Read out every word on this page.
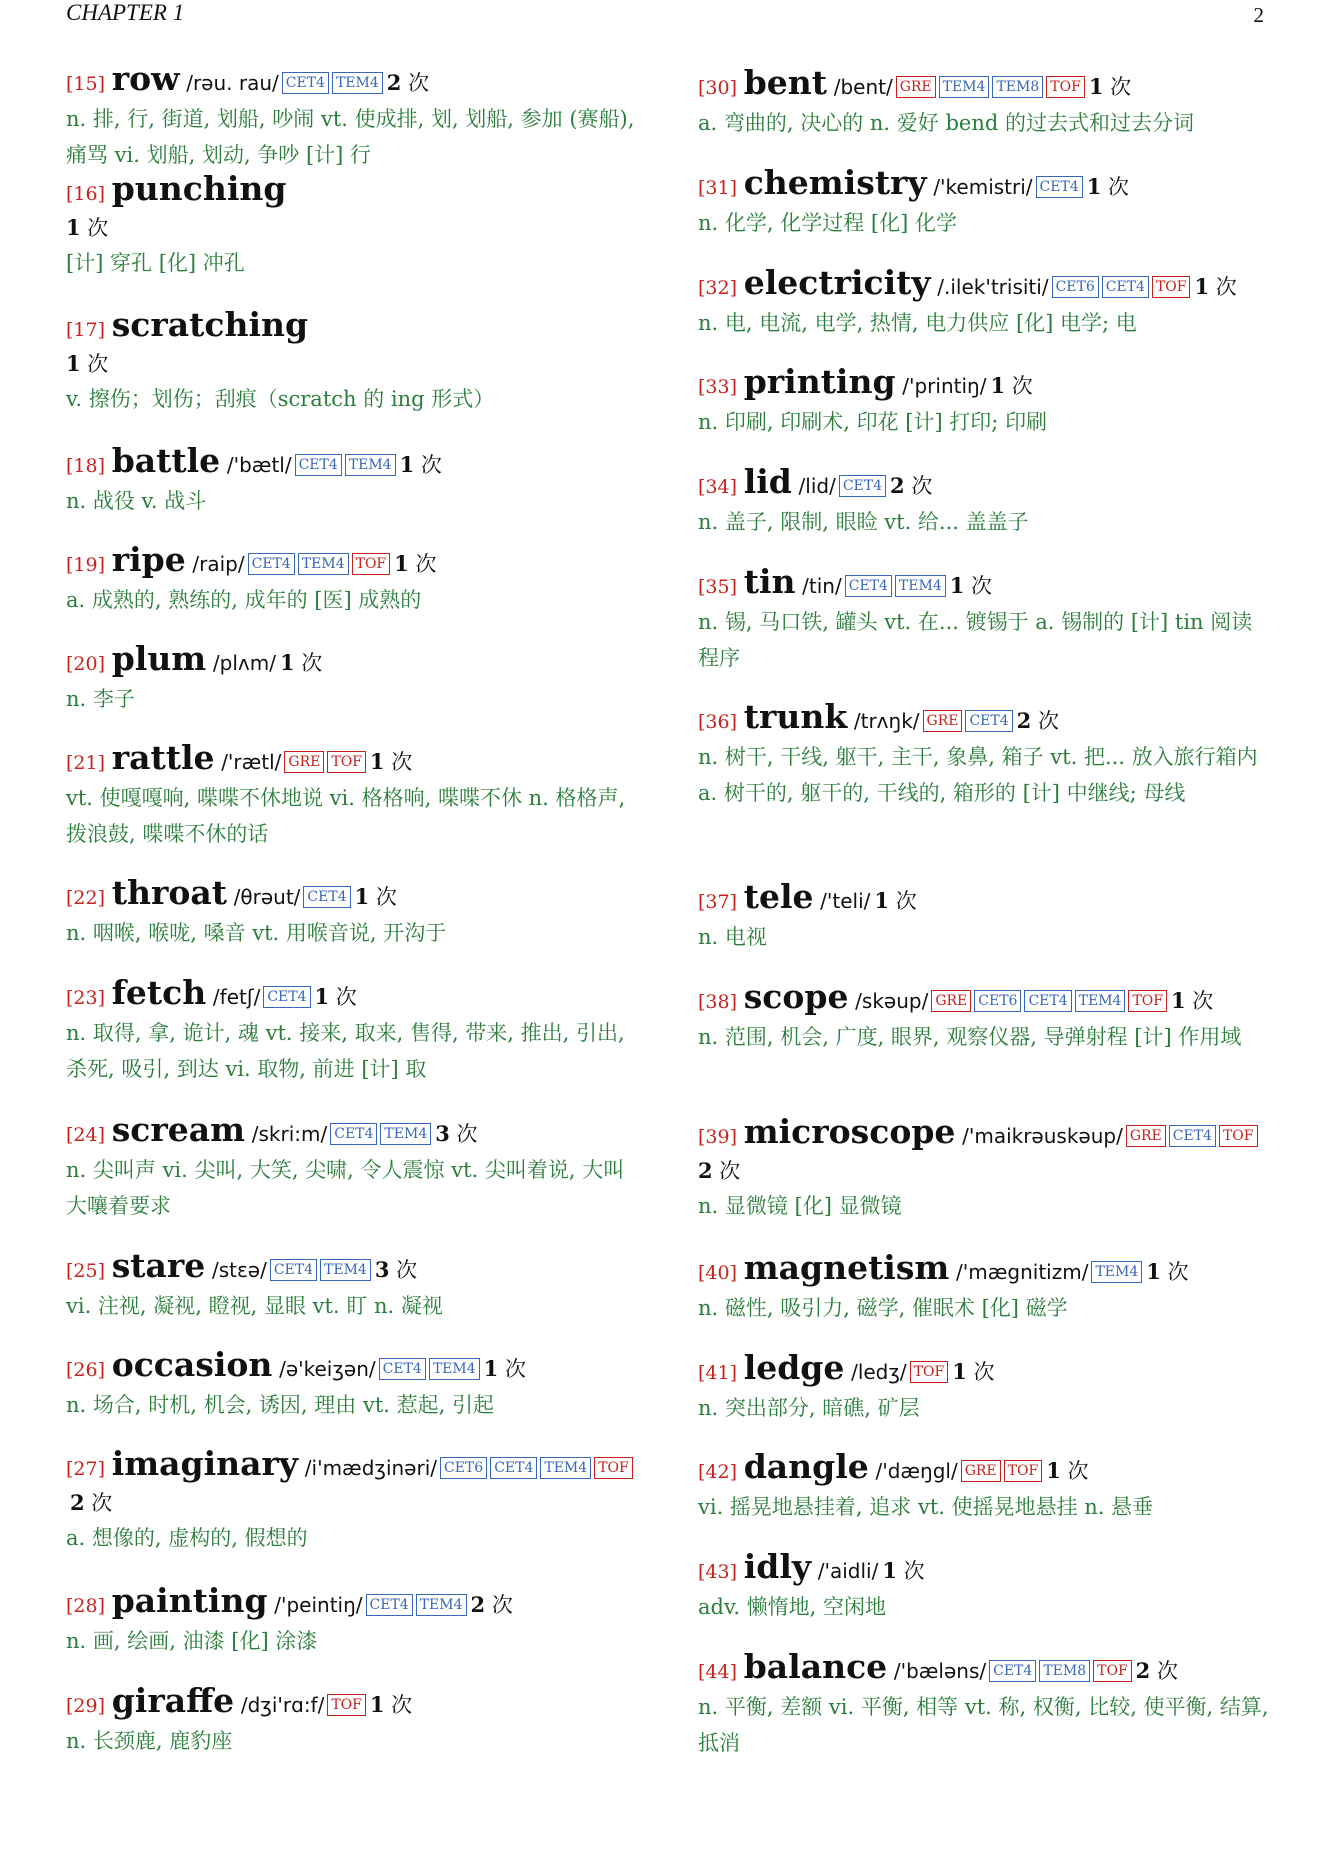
CHAPTER 1	2
[15] row /rəu. rau/ CET4 TEM4 2 次

n. 排, 行, 街道, 划船, 吵闹 vt. 使成排, 划, 划船, 参加 (赛船), 痛骂 vi. 划船, 划动, 争吵 [计] 行

[16] punching
1 次

[计] 穿孔 [化] 冲孔

[17] scratching
1 次

v. 擦伤；划伤；刮痕（scratch 的 ing 形式）

[18] battle /'bætl/ CET4 TEM4 1 次

n. 战役 v. 战斗

[19] ripe /raip/ CET4 TEM4 TOF 1 次

a. 成熟的, 熟练的, 成年的 [医] 成熟的

[20] plum /plʌm/ 1 次

n. 李子

[21] rattle /'rætl/ GRE TOF 1 次

vt. 使嘎嘎响, 喋喋不休地说 vi. 格格响, 喋喋不休 n. 格格声, 拨浪鼓, 喋喋不休的话

[22] throat /θrəut/ CET4 1 次

n. 咽喉, 喉咙, 嗓音 vt. 用喉音说, 开沟于

[23] fetch /fetʃ/ CET4 1 次

n. 取得, 拿, 诡计, 魂 vt. 接来, 取来, 售得, 带来, 推出, 引出, 杀死, 吸引, 到达 vi. 取物, 前进 [计] 取

[24] scream /skri:m/ CET4 TEM4 3 次

n. 尖叫声 vi. 尖叫, 大笑, 尖啸, 令人震惊 vt. 尖叫着说, 大叫大嚷着要求

[25] stare /stɛə/ CET4 TEM4 3 次

vi. 注视, 凝视, 瞪视, 显眼 vt. 盯 n. 凝视

[26] occasion /ə'keiʒən/ CET4 TEM4 1 次

n. 场合, 时机, 机会, 诱因, 理由 vt. 惹起, 引起

[27] imaginary /i'mædʒinəri/ CET6 CET4 TEM4 TOF2 次

a. 想像的, 虚构的, 假想的

[28] painting /'peintiŋ/ CET4 TEM4 2 次

n. 画, 绘画, 油漆 [化] 涂漆

[29] giraffe /dʒi'rɑ:f/ TOF 1 次

n. 长颈鹿, 鹿豹座

[30] bent /bent/ GRE TEM4 TEM8 TOF 1 次

a. 弯曲的, 决心的 n. 爱好 bend 的过去式和过去分词

[31] chemistry /'kemistri/ CET4 1 次

n. 化学, 化学过程 [化] 化学

[32] electricity /.ilek'trisiti/ CET6 CET4 TOF 1 次

n. 电, 电流, 电学, 热情, 电力供应 [化] 电学; 电

[33] printing /'printiŋ/ 1 次

n. 印刷, 印刷术, 印花 [计] 打印; 印刷

[34] lid /lid/ CET4 2 次

n. 盖子, 限制, 眼睑 vt. 给... 盖盖子

[35] tin /tin/ CET4 TEM4 1 次

n. 锡, 马口铁, 罐头 vt. 在... 镀锡于 a. 锡制的 [计] tin 阅读程序

[36] trunk /trʌŋk/ GRE CET4 2 次

n. 树干, 干线, 躯干, 主干, 象鼻, 箱子 vt. 把... 放入旅行箱内 a. 树干的, 躯干的, 干线的, 箱形的 [计] 中继线; 母线

[37] tele /'teli/ 1 次

n. 电视

[38] scope /skəup/ GRE CET6 CET4 TEM4 TOF 1 次

n. 范围, 机会, 广度, 眼界, 观察仪器, 导弹射程 [计] 作用域

[39] microscope /'maikrəuskəup/ GRE CET4 TOF
2 次

n. 显微镜 [化] 显微镜

[40] magnetism /'mægnitizm/ TEM4 1 次

n. 磁性, 吸引力, 磁学, 催眠术 [化] 磁学

[41] ledge /ledʒ/ TOF 1 次

n. 突出部分, 暗礁, 矿层

[42] dangle /'dæŋgl/ GRE TOF 1 次

vi. 摇晃地悬挂着, 追求 vt. 使摇晃地悬挂 n. 悬垂

[43] idly /'aidli/ 1 次

adv. 懒惰地, 空闲地

[44] balance /'bæləns/ CET4 TEM8 TOF 2 次

n. 平衡, 差额 vi. 平衡, 相等 vt. 称, 权衡, 比较, 使平衡, 结算, 抵消
